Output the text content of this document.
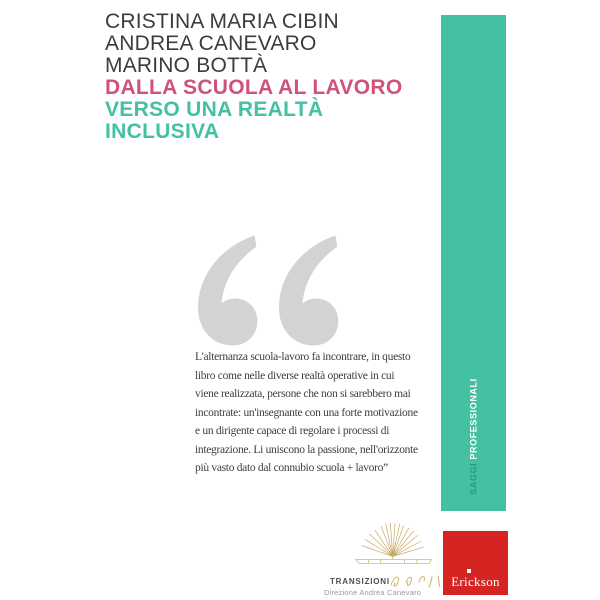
CRISTINA MARIA CIBIN
ANDREA CANEVARO
MARINO BOTTÀ
DALLA SCUOLA AL LAVORO
VERSO UNA REALTÀ
INCLUSIVA
L'alternanza scuola-lavoro fa incontrare, in questo
libro come nelle diverse realtà operative in cui
viene realizzata, persone che non si sarebbero mai
incontrate: un'insegnante con una forte motivazione
e un dirigente capace di regolare i processi di
integrazione. Li uniscono la passione, nell'orizzonte
più vasto dato dal connubio scuola + lavoro”	SAGGI PROFESSIONALI
TRANSIZIONI
Direzione Andrea Canevaro
Erickson
